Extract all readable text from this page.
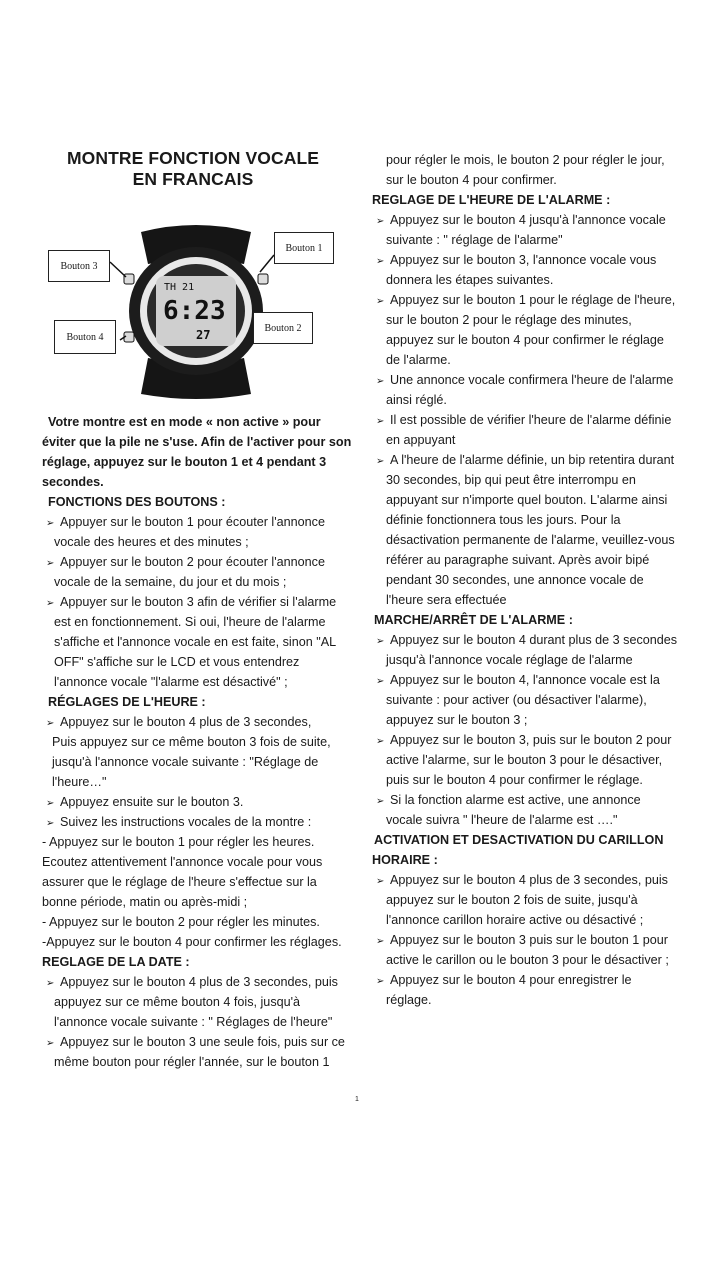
MONTRE FONCTION VOCALE
EN FRANCAIS
TH 21
6:23
27
Bouton 1
Bouton 3
Bouton 2
Bouton 4
Votre montre est en mode « non active » pour
éviter que la pile ne s'use. Afin de l'activer pour son
réglage, appuyez sur le bouton 1 et 4 pendant 3
secondes.
FONCTIONS DES BOUTONS :
➢ Appuyer sur le bouton 1 pour écouter l'annonce
vocale des heures et des minutes ;
➢ Appuyer sur le bouton 2 pour écouter l'annonce
vocale de la semaine, du jour et du mois ;
➢ Appuyer sur le bouton 3 afin de vérifier si l'alarme
est en fonctionnement. Si oui, l'heure de l'alarme
s'affiche et l'annonce vocale en est faite, sinon "AL
OFF" s'affiche sur le LCD et vous entendrez
l'annonce vocale "l'alarme est désactivé" ;
RÉGLAGES DE L'HEURE :
➢ Appuyez sur le bouton 4 plus de 3 secondes,
Puis appuyez sur ce même bouton 3 fois de suite,
jusqu'à l'annonce vocale suivante : "Réglage de
l'heure…"
➢ Appuyez ensuite sur le bouton 3.
➢ Suivez les instructions vocales de la montre :
- Appuyez sur le bouton 1 pour régler les heures.
Ecoutez attentivement l'annonce vocale pour vous
assurer que le réglage de l'heure s'effectue sur la
bonne période, matin ou après-midi ;
- Appuyez sur le bouton 2 pour régler les minutes.
-Appuyez sur le bouton 4 pour confirmer les réglages.
REGLAGE DE LA DATE :
➢ Appuyez sur le bouton 4 plus de 3 secondes, puis
appuyez sur ce même bouton 4 fois, jusqu'à
l'annonce vocale suivante : " Réglages de l'heure"
➢ Appuyez sur le bouton 3 une seule fois, puis sur ce
même bouton pour régler l'année, sur le bouton 1
pour régler le mois, le bouton 2 pour régler le jour,
sur le bouton 4 pour confirmer.
REGLAGE DE L'HEURE DE L'ALARME :
➢ Appuyez sur le bouton 4 jusqu'à l'annonce vocale
suivante : " réglage de l'alarme"
➢ Appuyez sur le bouton 3, l'annonce vocale vous
donnera les étapes suivantes.
➢ Appuyez sur le bouton 1 pour le réglage de l'heure,
sur le bouton 2 pour le réglage des minutes,
appuyez sur le bouton 4 pour confirmer le réglage
de l'alarme.
➢ Une annonce vocale confirmera l'heure de l'alarme
ainsi réglé.
➢ Il est possible de vérifier l'heure de l'alarme définie
en appuyant
➢ A l'heure de l'alarme définie, un bip retentira durant
30 secondes, bip qui peut être interrompu en
appuyant sur n'importe quel bouton. L'alarme ainsi
définie fonctionnera tous les jours. Pour la
désactivation permanente de l'alarme, veuillez-vous
référer au paragraphe suivant. Après avoir bipé
pendant 30 secondes, une annonce vocale de
l'heure sera effectuée
MARCHE/ARRÊT DE L'ALARME :
➢ Appuyez sur le bouton 4 durant plus de 3 secondes
jusqu'à l'annonce vocale réglage de l'alarme
➢ Appuyez sur le bouton 4, l'annonce vocale est la
suivante : pour activer (ou désactiver l'alarme),
appuyez sur le bouton 3 ;
➢ Appuyez sur le bouton 3, puis sur le bouton 2 pour
active l'alarme, sur le bouton 3 pour le désactiver,
puis sur le bouton 4 pour confirmer le réglage.
➢ Si la fonction alarme est active, une annonce
vocale suivra " l'heure de l'alarme est …."
ACTIVATION ET DESACTIVATION DU CARILLON
HORAIRE :
➢ Appuyez sur le bouton 4 plus de 3 secondes, puis
appuyez sur le bouton 2 fois de suite, jusqu'à
l'annonce carillon horaire active ou désactivé ;
➢ Appuyez sur le bouton 3 puis sur le bouton 1 pour
active le carillon ou le bouton 3 pour le désactiver ;
➢ Appuyez sur le bouton 4 pour enregistrer le
réglage.
1
